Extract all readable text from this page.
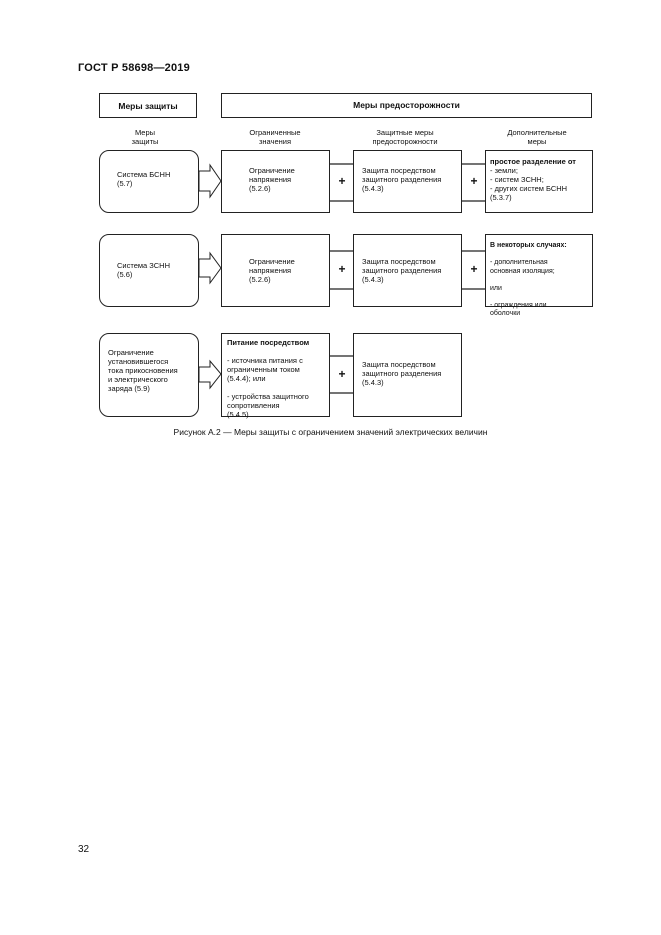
ГОСТ Р 58698—2019
Меры защиты	Меры предосторожности
Меры
защиты
Ограниченные
значения
Защитные меры
предосторожности
Дополнительные
меры
Система БСНН
(5.7)
Ограничение
напряжения
(5.2.6)
+
Защита посредством
защитного разделения
(5.4.3)
+
простое разделение от
- земли;
- систем ЗСНН;
- других систем БСНН
(5.3.7)
Система ЗСНН
(5.6)
Ограничение
напряжения
(5.2.6)
+
Защита посредством
защитного разделения
(5.4.3)
+
В некоторых случаях:

- дополнительная
основная изоляция;

или

- ограждения или
оболочки

Ограничение
установившегося
тока прикосновения
и электрического
заряда (5.9)
Питание посредством

- источника питания с
ограниченным током
(5.4.4); или

- устройства защитного
сопротивления
(5.4.5)

+
Защита посредством
защитного разделения
(5.4.3)
Рисунок А.2 — Меры защиты с ограничением значений электрических величин
32
